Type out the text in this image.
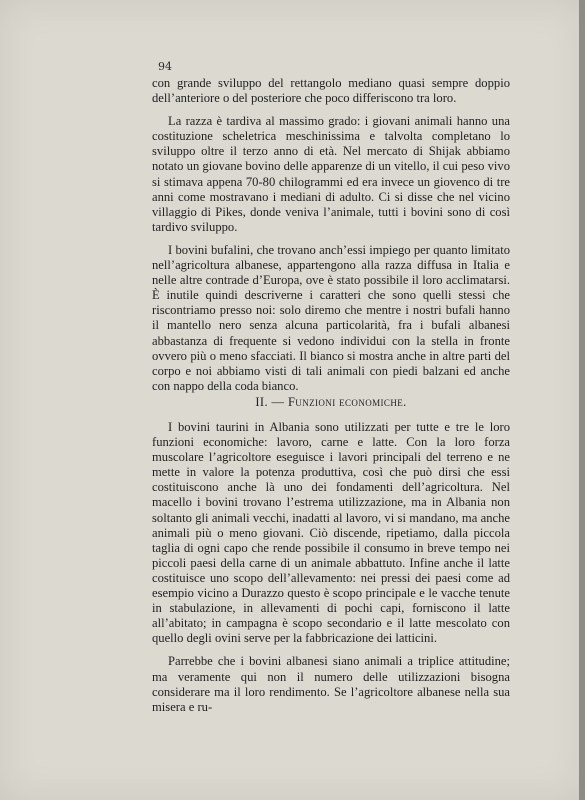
94

con grande sviluppo del rettangolo mediano quasi sempre doppio dell’anteriore o del posteriore che poco differiscono tra loro.

La razza è tardiva al massimo grado: i giovani animali hanno una costituzione scheletrica meschinissima e talvolta completano lo sviluppo oltre il terzo anno di età. Nel mercato di Shijak abbiamo notato un giovane bovino delle apparenze di un vitello, il cui peso vivo si stimava appena 70-80 chilogrammi ed era invece un giovenco di tre anni come mostravano i mediani di adulto. Ci si disse che nel vicino villaggio di Pikes, donde veniva l’animale, tutti i bovini sono di così tardivo sviluppo.

I bovini bufalini, che trovano anch’essi impiego per quanto limitato nell’agricoltura albanese, appartengono alla razza diffusa in Italia e nelle altre contrade d’Europa, ove è stato possibile il loro acclimatarsi. È inutile quindi descriverne i caratteri che sono quelli stessi che riscontriamo presso noi: solo diremo che mentre i nostri bufali hanno il mantello nero senza alcuna particolarità, fra i bufali albanesi abbastanza di frequente si vedono individui con la stella in fronte ovvero più o meno sfacciati. Il bianco si mostra anche in altre parti del corpo e noi abbiamo visti di tali animali con piedi balzani ed anche con nappo della coda bianco.

II. — Funzioni economiche.

I bovini taurini in Albania sono utilizzati per tutte e tre le loro funzioni economiche: lavoro, carne e latte. Con la loro forza muscolare l’agricoltore eseguisce i lavori principali del terreno e ne mette in valore la potenza produttiva, così che può dirsi che essi costituiscono anche là uno dei fondamenti dell’agricoltura. Nel macello i bovini trovano l’estrema utilizzazione, ma in Albania non soltanto gli animali vecchi, inadatti al lavoro, vi si mandano, ma anche animali più o meno giovani. Ciò discende, ripetiamo, dalla piccola taglia di ogni capo che rende possibile il consumo in breve tempo nei piccoli paesi della carne di un animale abbattuto. Infine anche il latte costituisce uno scopo dell’allevamento: nei pressi dei paesi come ad esempio vicino a Durazzo questo è scopo principale e le vacche tenute in stabulazione, in allevamenti di pochi capi, forniscono il latte all’abitato; in campagna è scopo secondario e il latte mescolato con quello degli ovini serve per la fabbricazione dei latticini.

Parrebbe che i bovini albanesi siano animali a triplice attitudine; ma veramente qui non il numero delle utilizzazioni bisogna considerare ma il loro rendimento. Se l’agricoltore albanese nella sua misera e ru-
